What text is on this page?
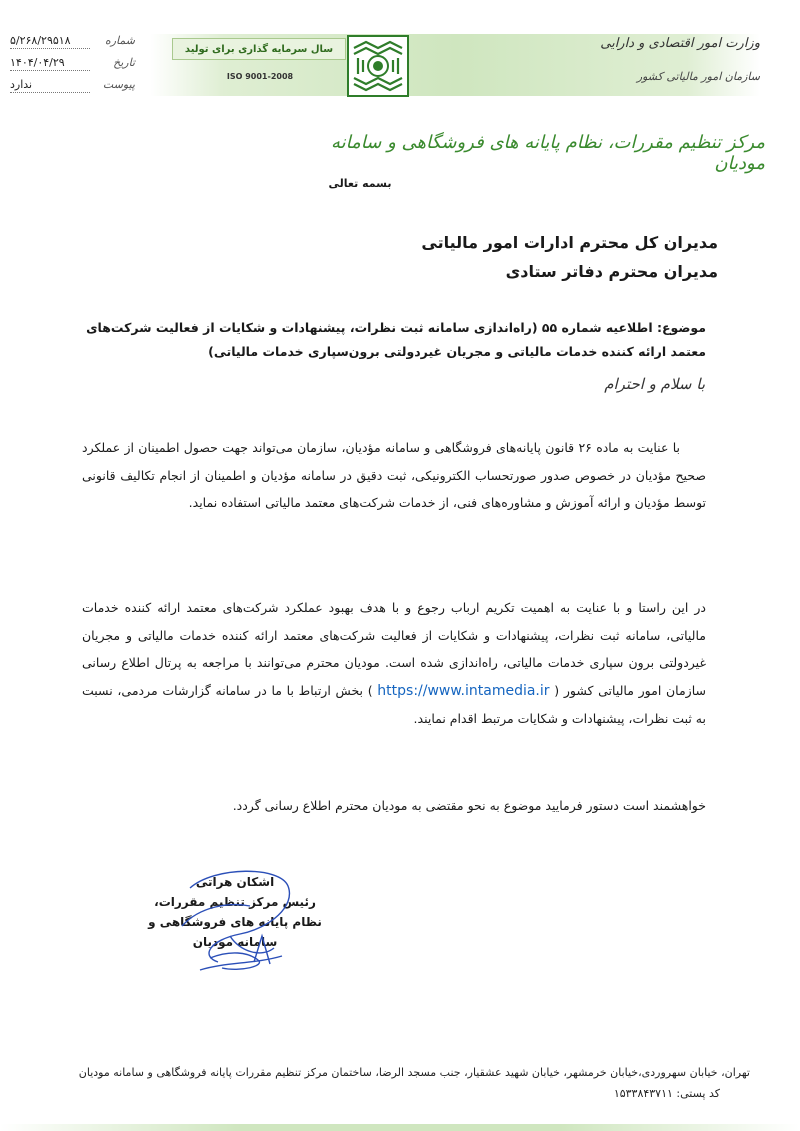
شماره
۵/۲۶۸/۲۹۵۱۸
تاریخ
۱۴۰۴/۰۴/۲۹
پیوست
ندارد
سال سرمایه گذاری برای تولید
ISO 9001-2008
وزارت امور اقتصادی و دارایی
سازمان امور مالیاتی کشور
مرکز تنظیم مقررات، نظام پایانه های فروشگاهی و سامانه مودیان
بسمه تعالی
مدیران کل محترم ادارات امور مالیاتی
مدیران محترم دفاتر ستادی
موضوع: اطلاعیه شماره ۵۵ (راه‌اندازی سامانه ثبت نظرات، پیشنهادات و شکایات از فعالیت شرکت‌های معتمد ارائه کننده خدمات مالیاتی و مجریان غیردولتی برون‌سپاری خدمات مالیاتی)
با سلام و احترام
با عنایت به ماده ۲۶ قانون پایانه‌های فروشگاهی و سامانه مؤدیان، سازمان می‌تواند جهت حصول اطمینان از عملکرد صحیح مؤدیان در خصوص صدور صورتحساب الکترونیکی، ثبت دقیق در سامانه مؤدیان و اطمینان از انجام تکالیف قانونی توسط مؤدیان و ارائه آموزش و مشاوره‌های فنی، از خدمات شرکت‌های معتمد مالیاتی استفاده نماید.
در این راستا و با عنایت به اهمیت تکریم ارباب رجوع و با هدف بهبود عملکرد شرکت‌های معتمد ارائه کننده خدمات مالیاتی، سامانه ثبت نظرات، پیشنهادات و شکایات از فعالیت شرکت‌های معتمد ارائه کننده خدمات مالیاتی و مجریان غیردولتی برون سپاری خدمات مالیاتی، راه‌اندازی شده است. مودیان محترم می‌توانند با مراجعه به پرتال اطلاع رسانی سازمان امور مالیاتی کشور ( https://www.intamedia.ir ) بخش ارتباط با ما در سامانه گزارشات مردمی، نسبت به ثبت نظرات، پیشنهادات و شکایات مرتبط اقدام نمایند.
خواهشمند است دستور فرمایید موضوع به نحو مقتضی به مودیان محترم اطلاع رسانی گردد.
اشکان هراتی
رئیس مرکز تنظیم مقررات،
نظام پایانه های فروشگاهی و سامانه مودیان
تهران، خیابان سهروردی،خیابان خرمشهر، خیابان شهید عشقیار، جنب مسجد الرضا، ساختمان مرکز تنظیم مقررات پایانه فروشگاهی و سامانه مودیان
کد پستی: ۱۵۳۳۸۴۳۷۱۱
